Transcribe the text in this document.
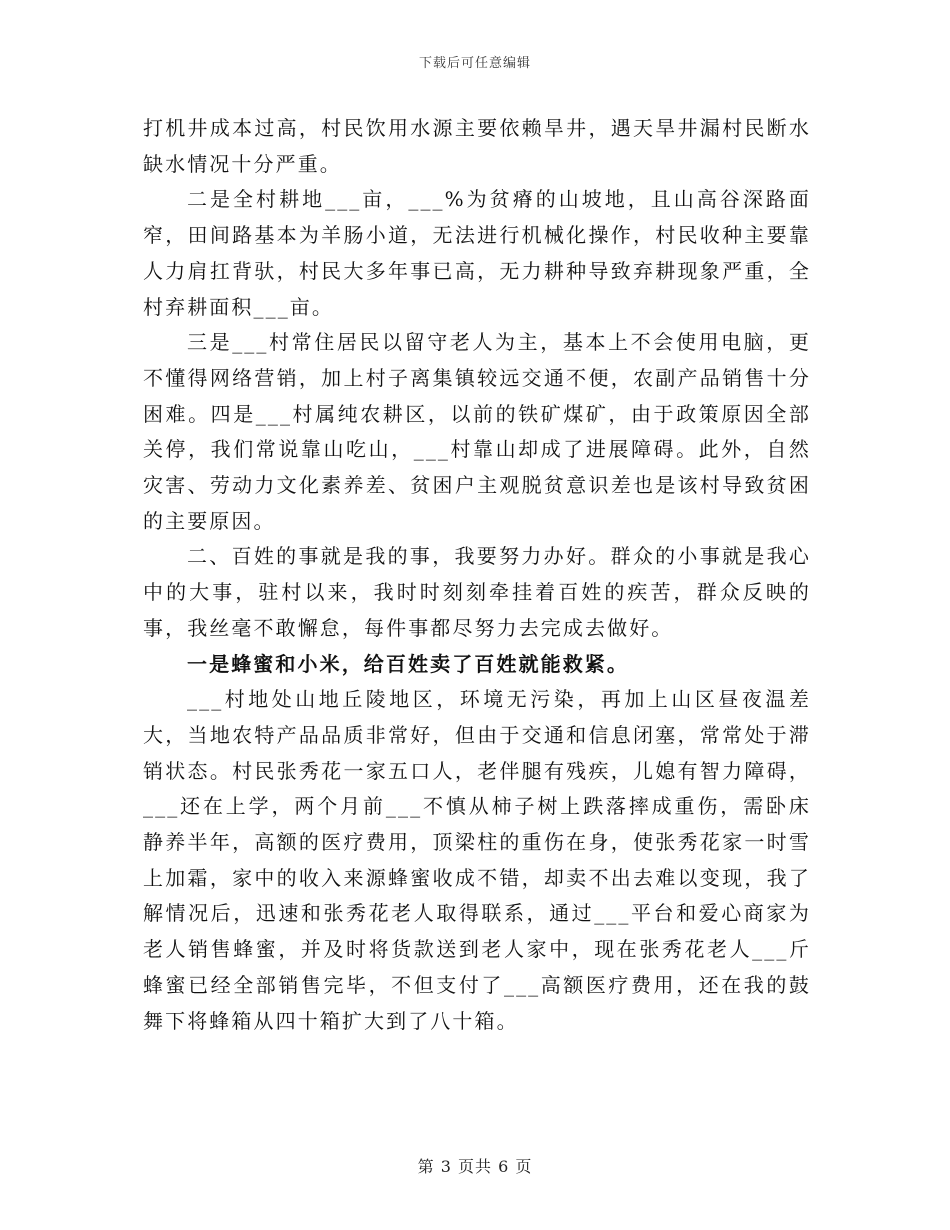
下载后可任意编辑

打机井成本过高，村民饮用水源主要依赖旱井，遇天旱井漏村民断水缺水情况十分严重。

二是全村耕地___亩，___%为贫瘠的山坡地，且山高谷深路面窄，田间路基本为羊肠小道，无法进行机械化操作，村民收种主要靠人力肩扛背驮，村民大多年事已高，无力耕种导致弃耕现象严重，全村弃耕面积___亩。

三是___村常住居民以留守老人为主，基本上不会使用电脑，更不懂得网络营销，加上村子离集镇较远交通不便，农副产品销售十分困难。四是___村属纯农耕区，以前的铁矿煤矿，由于政策原因全部关停，我们常说靠山吃山，___村靠山却成了进展障碍。此外，自然灾害、劳动力文化素养差、贫困户主观脱贫意识差也是该村导致贫困的主要原因。

二、百姓的事就是我的事，我要努力办好。群众的小事就是我心中的大事，驻村以来，我时时刻刻牵挂着百姓的疾苦，群众反映的事，我丝毫不敢懈怠，每件事都尽努力去完成去做好。

一是蜂蜜和小米，给百姓卖了百姓就能救紧。

___村地处山地丘陵地区，环境无污染，再加上山区昼夜温差大，当地农特产品品质非常好，但由于交通和信息闭塞，常常处于滞销状态。村民张秀花一家五口人，老伴腿有残疾，儿媳有智力障碍，___还在上学，两个月前___不慎从柿子树上跌落摔成重伤，需卧床静养半年，高额的医疗费用，顶梁柱的重伤在身，使张秀花家一时雪上加霜，家中的收入来源蜂蜜收成不错，却卖不出去难以变现，我了解情况后，迅速和张秀花老人取得联系，通过___平台和爱心商家为老人销售蜂蜜，并及时将货款送到老人家中，现在张秀花老人___斤蜂蜜已经全部销售完毕，不但支付了___高额医疗费用，还在我的鼓舞下将蜂箱从四十箱扩大到了八十箱。

第 3 页共 6 页
